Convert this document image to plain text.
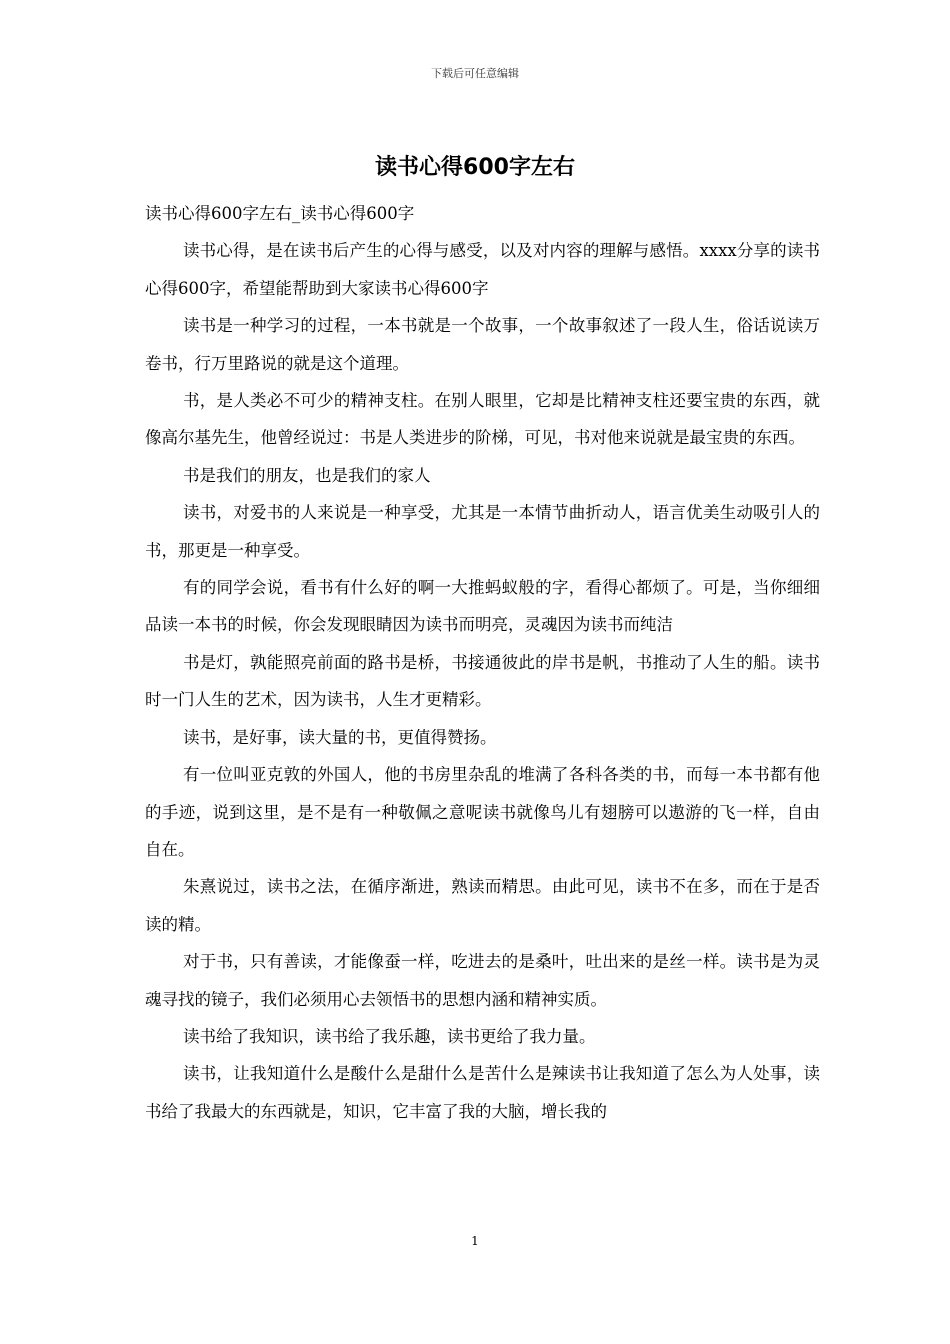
下载后可任意编辑
读书心得600字左右

读书心得600字左右_读书心得600字

读书心得，是在读书后产生的心得与感受，以及对内容的理解与感悟。xxxx分享的读书心得600字，希望能帮助到大家读书心得600字

读书是一种学习的过程，一本书就是一个故事，一个故事叙述了一段人生，俗话说读万卷书，行万里路说的就是这个道理。

书，是人类必不可少的精神支柱。在别人眼里，它却是比精神支柱还要宝贵的东西，就像高尔基先生，他曾经说过：书是人类进步的阶梯，可见，书对他来说就是最宝贵的东西。

书是我们的朋友，也是我们的家人

读书，对爱书的人来说是一种享受，尤其是一本情节曲折动人，语言优美生动吸引人的书，那更是一种享受。

有的同学会说，看书有什么好的啊一大推蚂蚁般的字，看得心都烦了。可是，当你细细品读一本书的时候，你会发现眼睛因为读书而明亮，灵魂因为读书而纯洁

书是灯，孰能照亮前面的路书是桥，书接通彼此的岸书是帆，书推动了人生的船。读书时一门人生的艺术，因为读书，人生才更精彩。

读书，是好事，读大量的书，更值得赞扬。

有一位叫亚克敦的外国人，他的书房里杂乱的堆满了各科各类的书，而每一本书都有他的手迹，说到这里，是不是有一种敬佩之意呢读书就像鸟儿有翅膀可以遨游的飞一样，自由自在。

朱熹说过，读书之法，在循序渐进，熟读而精思。由此可见，读书不在多，而在于是否读的精。

对于书，只有善读，才能像蚕一样，吃进去的是桑叶，吐出来的是丝一样。读书是为灵魂寻找的镜子，我们必须用心去领悟书的思想内涵和精神实质。

读书给了我知识，读书给了我乐趣，读书更给了我力量。

读书，让我知道什么是酸什么是甜什么是苦什么是辣读书让我知道了怎么为人处事，读书给了我最大的东西就是，知识，它丰富了我的大脑，增长我的

1
